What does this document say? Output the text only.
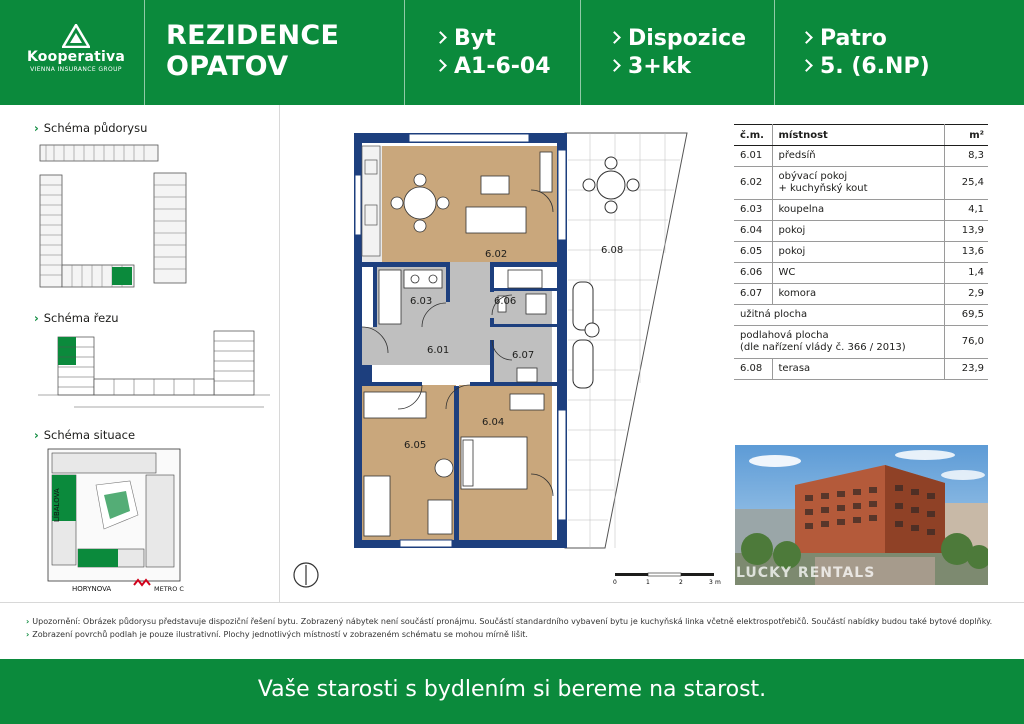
Kooperativa
VIENNA INSURANCE GROUP
REZIDENCE
OPATOV
Byt
A1-6-04
Dispozice
3+kk
Patro
5. (6.NP)
› Schéma půdorysu
› Schéma řezu
› Schéma situace
LÍBALOVA
HORYNOVA	METRO C
6.02
6.03	6.06
6.01	6.07
6.04
6.05
6.08
0	1	2	3 m
č.m.	místnost	m²
6.01	předsíň	8,3
6.02	obývací pokoj
+ kuchyňský kout	25,4
6.03	koupelna	4,1
6.04	pokoj	13,9
6.05	pokoj	13,6
6.06	WC	1,4
6.07	komora	2,9
užitná plocha		69,5

podlahová plocha
(dle nařízení vlády č. 366 / 2013)		76,0
6.08	terasa	23,9
LUCKY RENTALS
› Upozornění: Obrázek půdorysu představuje dispoziční řešení bytu. Zobrazený nábytek není součástí pronájmu. Součástí standardního vybavení bytu je kuchyňská linka včetně elektrospotřebičů. Součástí nabídky budou také bytové doplňky.
› Zobrazení povrchů podlah je pouze ilustrativní. Plochy jednotlivých místností v zobrazeném schématu se mohou mírně lišit.
Vaše starosti s bydlením si bereme na starost.
